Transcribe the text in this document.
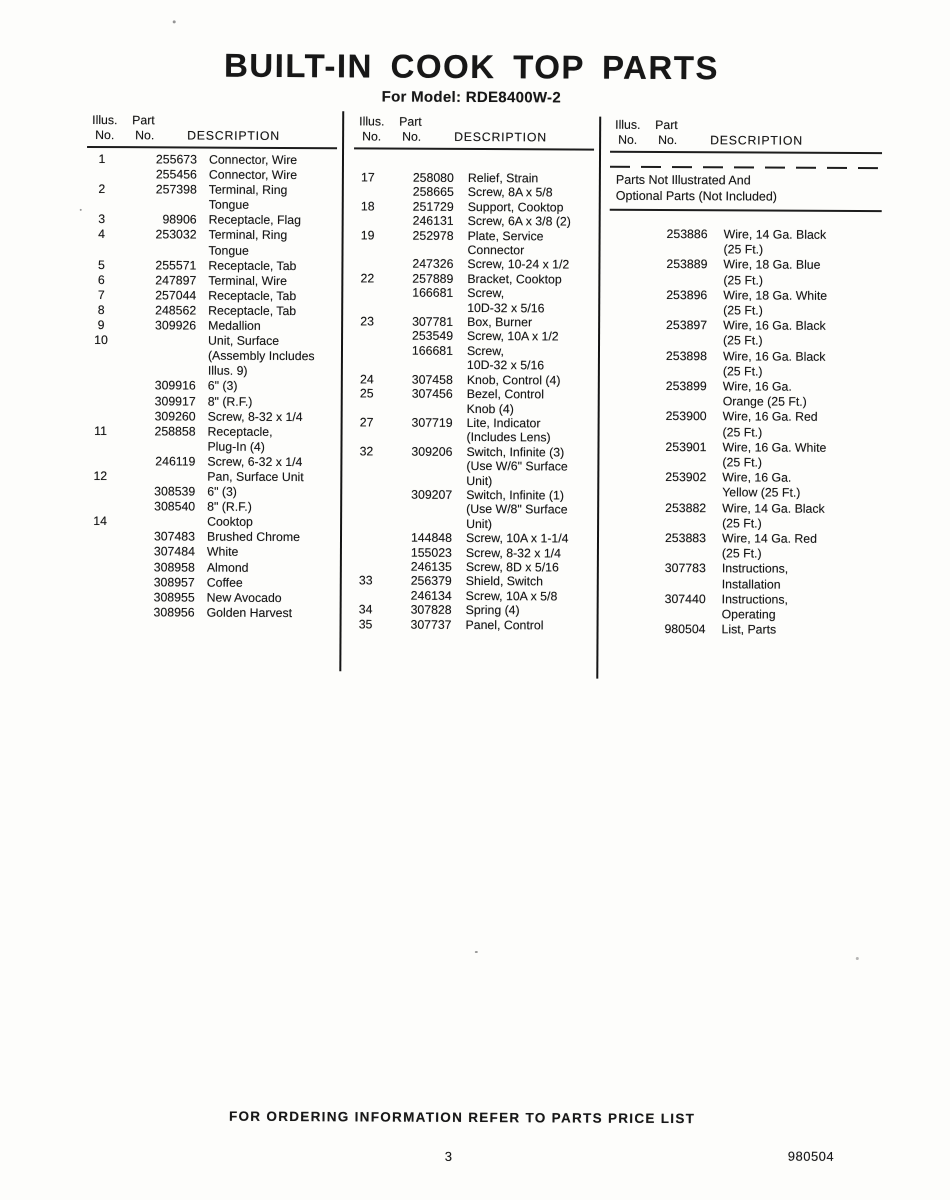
BUILT-IN COOK TOP PARTS
For Model: RDE8400W-2
Illus. Part
No. No.	DESCRIPTION
1	255673 Connector, Wire
255456 Connector, Wire
2	257398 Terminal, Ring
Tongue
3	98906 Receptacle, Flag
4	253032 Terminal, Ring
Tongue
5	255571 Receptacle, Tab
6	247897 Terminal, Wire
7	257044 Receptacle, Tab
8	248562 Receptacle, Tab
9	309926 Medallion
10	Unit, Surface
(Assembly Includes
Illus. 9)
309916 6" (3)
309917 8" (R.F.)
309260 Screw, 8-32 x 1/4
11	258858 Receptacle,
Plug-In (4)
246119 Screw, 6-32 x 1/4
12	Pan, Surface Unit
308539 6" (3)
308540 8" (R.F.)
14	Cooktop
307483 Brushed Chrome
307484 White
308958 Almond
308957 Coffee
308955 New Avocado
308956 Golden Harvest
Illus. Part
No. No.	DESCRIPTION
17	258080	Relief, Strain
258665	Screw, 8A x 5/8
18	251729	Support, Cooktop
246131	Screw, 6A x 3/8 (2)
19	252978	Plate, Service
Connector
247326	Screw, 10-24 x 1/2
22	257889	Bracket, Cooktop
166681	Screw,
10D-32 x 5/16
23	307781	Box, Burner
253549	Screw, 10A x 1/2
166681	Screw,
10D-32 x 5/16
24	307458	Knob, Control (4)
25	307456	Bezel, Control
Knob (4)
27	307719	Lite, Indicator
(Includes Lens)
32	309206	Switch, Infinite (3)
(Use W/6" Surface
Unit)
309207	Switch, Infinite (1)
(Use W/8" Surface
Unit)
144848	Screw, 10A x 1-1/4
155023	Screw, 8-32 x 1/4
246135	Screw, 8D x 5/16
33	256379	Shield, Switch
246134	Screw, 10A x 5/8
34	307828	Spring (4)
35	307737	Panel, Control
Illus. Part
No. No.	DESCRIPTION
Parts Not Illustrated And
Optional Parts (Not Included)
253886	Wire, 14 Ga. Black
(25 Ft.)
253889	Wire, 18 Ga. Blue
(25 Ft.)
253896	Wire, 18 Ga. White
(25 Ft.)
253897	Wire, 16 Ga. Black
(25 Ft.)
253898	Wire, 16 Ga. Black
(25 Ft.)
253899	Wire, 16 Ga.
Orange (25 Ft.)
253900	Wire, 16 Ga. Red
(25 Ft.)
253901	Wire, 16 Ga. White
(25 Ft.)
253902	Wire, 16 Ga.
Yellow (25 Ft.)
253882	Wire, 14 Ga. Black
(25 Ft.)
253883	Wire, 14 Ga. Red
(25 Ft.)
307783	Instructions,
Installation
307440	Instructions,
Operating
980504	List, Parts
FOR ORDERING INFORMATION REFER TO PARTS PRICE LIST
3	980504
